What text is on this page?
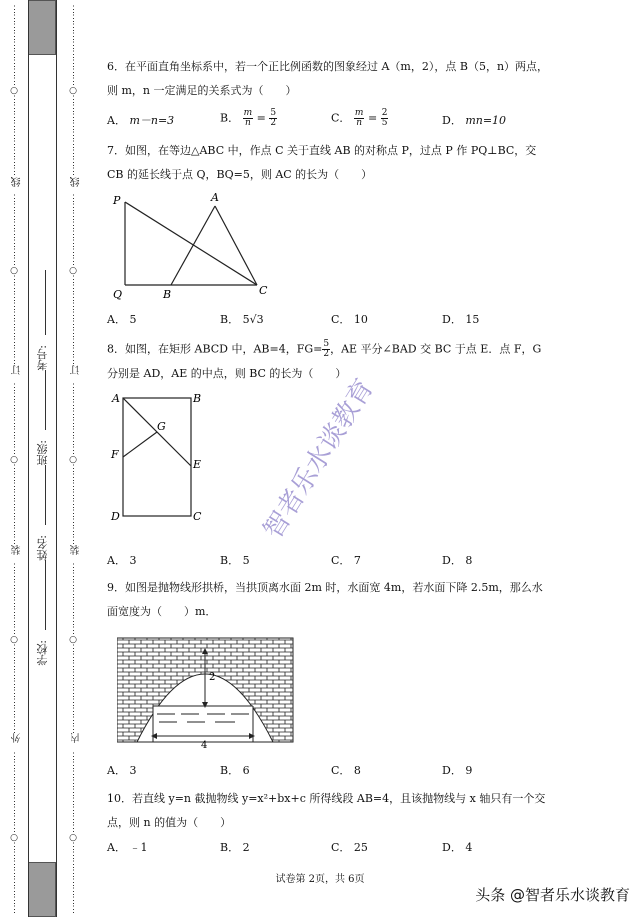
⋮
⋮
⋮
⋮
⋮
⋮
⋮
⋮
⋮
○
⋮
⋮
⋮
⋮
⋮
⋮
⋮
⋮
⋮
⋮
⋮
⋮
⋮
⋮
⋮
⋮
⋮
○
⋮
⋮
⋮
⋮
⋮
⋮
⋮
⋮
⋮
⋮
⋮
⋮
⋮
⋮
⋮
⋮
⋮
⋮
○
⋮
⋮
⋮
⋮
⋮
⋮
⋮
⋮
⋮
⋮
⋮
⋮
⋮
⋮
⋮
⋮
⋮
○
⋮
⋮
⋮
⋮
⋮
⋮
⋮
⋮
⋮
⋮
⋮
⋮
⋮
⋮
⋮
⋮
⋮
⋮
⋮
○
⋮
⋮
⋮
⋮
⋮
⋮
⋮
⋮
⋮
⋮
⋮
⋮
⋮
⋮
⋮
⋮
⋮
○
⋮
⋮
⋮
⋮
⋮
⋮
⋮
⋮
⋮
⋮
⋮
⋮
⋮
⋮
⋮
⋮
⋮
○
⋮
⋮
⋮
⋮
⋮
⋮
⋮
⋮
⋮
⋮
⋮
⋮
⋮
⋮
⋮
⋮
⋮
⋮
○
⋮
⋮
⋮
⋮
⋮
⋮
⋮
⋮
⋮
⋮
⋮
⋮
⋮
⋮
⋮
⋮
⋮
○
⋮
⋮
⋮
⋮
⋮
⋮
⋮
⋮
⋮
⋮
⋮
⋮
⋮
⋮
⋮
⋮
⋮
⋮
⋮
○
⋮
⋮
⋮
⋮
⋮
⋮
⋮
⋮
线
订
装
外
线
订
装
内
学校:
姓名:
班级:
考号:
6．在平面直角坐标系中，若一个正比例函数的图象经过 A（m，2），点 B（5，n）两点，
则 m，n 一定满足的关系式为（　　）
A． m－n=3	B． $\frac{m}{n} = \frac{5}{2}$	C． $\frac{m}{n} = \frac{2}{5}$	D． mn=10
7．如图，在等边△ABC 中，作点 C 关于直线 AB 的对称点 P，过点 P 作 PQ⊥BC，交
CB 的延长线于点 Q，BQ=5，则 AC 的长为（　　）
P	A
Q	B	C
A． 5	B． 5√3	C． 10	D． 15
8．如图，在矩形 ABCD 中，AB=4，$FG= \frac{5}{2}$ ，AE 平分∠BAD 交 BC 于点 E．点 F，G
分别是 AD，AE 的中点，则 BC 的长为（　　）
A	B
G
F
E
D	C
A． 3	B． 5	C． 7	D． 8
9．如图是抛物线形拱桥，当拱顶离水面 2m 时，水面宽 4m，若水面下降 2.5m，那么水
面宽度为（　　）m．
2
4
A． 3	B． 6	C． 8	D． 9
10．若直线 y=n 截抛物线 y=x²+bx+c 所得线段 AB=4，且该抛物线与 x 轴只有一个交
点，则 n 的值为（　　）
A． ﹣1	B． 2	C． 25	D． 4
智者乐水谈教育
试卷第 2页，共 6页
头条 @智者乐水谈教育
